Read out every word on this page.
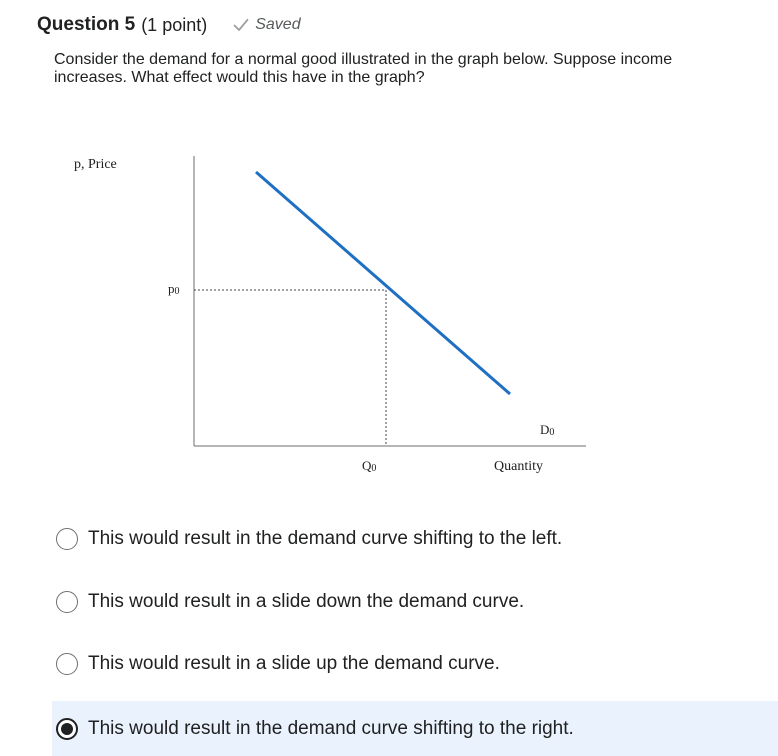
Question 5 (1 point)	Saved
Consider the demand for a normal good illustrated in the graph below. Suppose income increases. What effect would this have in the graph?
p, Price
p0
Q0
D0
Quantity
This would result in the demand curve shifting to the left.
This would result in a slide down the demand curve.
This would result in a slide up the demand curve.
This would result in the demand curve shifting to the right.
